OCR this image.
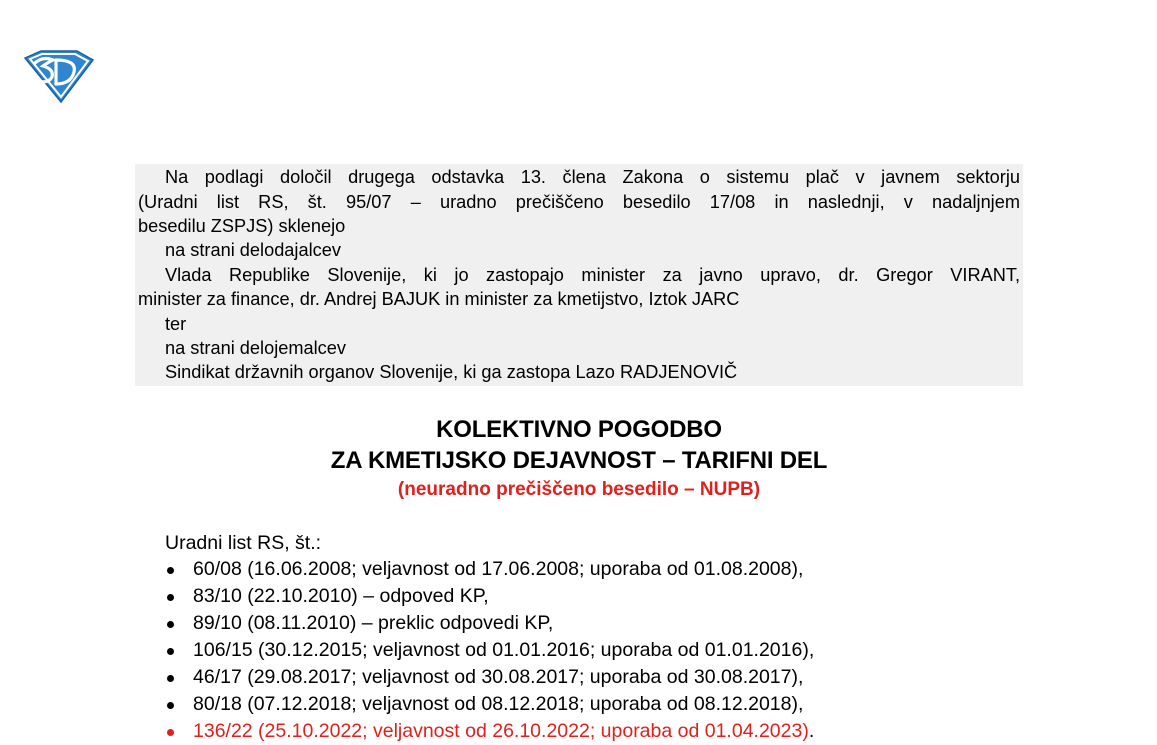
Na podlagi določil drugega odstavka 13. člena Zakona o sistemu plač v javnem sektorju
(Uradni list RS, št. 95/07 – uradno prečiščeno besedilo 17/08 in naslednji, v nadaljnjem
besedilu ZSPJS) sklenejo
na strani delodajalcev
Vlada Republike Slovenije, ki jo zastopajo minister za javno upravo, dr. Gregor VIRANT,
minister za finance, dr. Andrej BAJUK in minister za kmetijstvo, Iztok JARC
ter
na strani delojemalcev
Sindikat državnih organov Slovenije, ki ga zastopa Lazo RADJENOVIČ
KOLEKTIVNO POGODBO
ZA KMETIJSKO DEJAVNOST – TARIFNI DEL
(neuradno prečiščeno besedilo – NUPB)
Uradni list RS, št.:
60/08 (16.06.2008; veljavnost od 17.06.2008; uporaba od 01.08.2008),
83/10 (22.10.2010) – odpoved KP,
89/10 (08.11.2010) – preklic odpovedi KP,
106/15 (30.12.2015; veljavnost od 01.01.2016; uporaba od 01.01.2016),
46/17 (29.08.2017; veljavnost od 30.08.2017; uporaba od 30.08.2017),
80/18 (07.12.2018; veljavnost od 08.12.2018; uporaba od 08.12.2018),
136/22 (25.10.2022; veljavnost od 26.10.2022; uporaba od 01.04.2023).
